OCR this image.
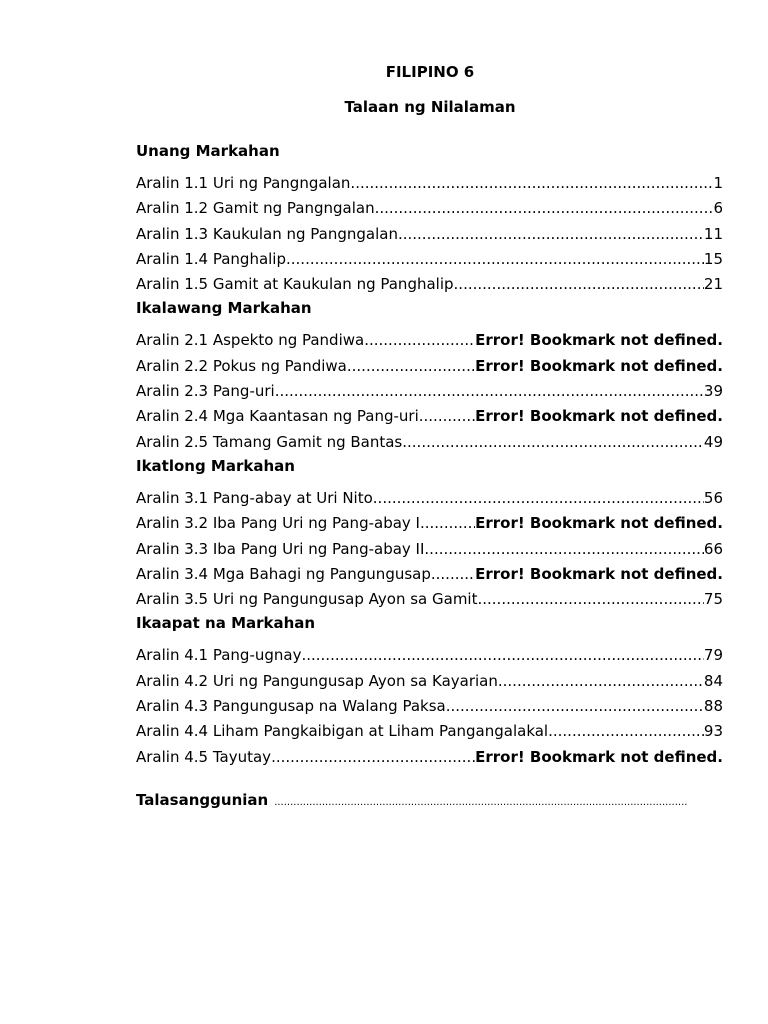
FILIPINO 6
Talaan ng Nilalaman
Unang Markahan
Aralin 1.1 Uri ng Pangngalan .....	1
Aralin 1.2 Gamit ng Pangngalan .....	6
Aralin 1.3 Kaukulan ng Pangngalan .....	11
Aralin 1.4 Panghalip .....	15
Aralin 1.5 Gamit at Kaukulan ng Panghalip .....	21
Ikalawang Markahan
Aralin 2.1 Aspekto ng Pandiwa .....	Error! Bookmark not defined.
Aralin 2.2 Pokus ng Pandiwa .....	Error! Bookmark not defined.
Aralin 2.3 Pang-uri .....	39
Aralin 2.4 Mga Kaantasan ng Pang-uri .....	Error! Bookmark not defined.
Aralin 2.5 Tamang Gamit ng Bantas .....	49
Ikatlong Markahan
Aralin 3.1 Pang-abay at Uri Nito .....	56
Aralin 3.2 Iba Pang Uri ng Pang-abay I .....	Error! Bookmark not defined.
Aralin 3.3 Iba Pang Uri ng Pang-abay II .....	66
Aralin 3.4 Mga Bahagi ng Pangungusap .....	Error! Bookmark not defined.
Aralin 3.5 Uri ng Pangungusap Ayon sa Gamit .....	75
Ikaapat na Markahan
Aralin 4.1 Pang-ugnay .....	79
Aralin 4.2 Uri ng Pangungusap Ayon sa Kayarian .....	84
Aralin 4.3 Pangungusap na Walang Paksa .....	88
Aralin 4.4 Liham Pangkaibigan at Liham Pangangalakal .....	93
Aralin 4.5 Tayutay .....	Error! Bookmark not defined.
Talasanggunian
.....
